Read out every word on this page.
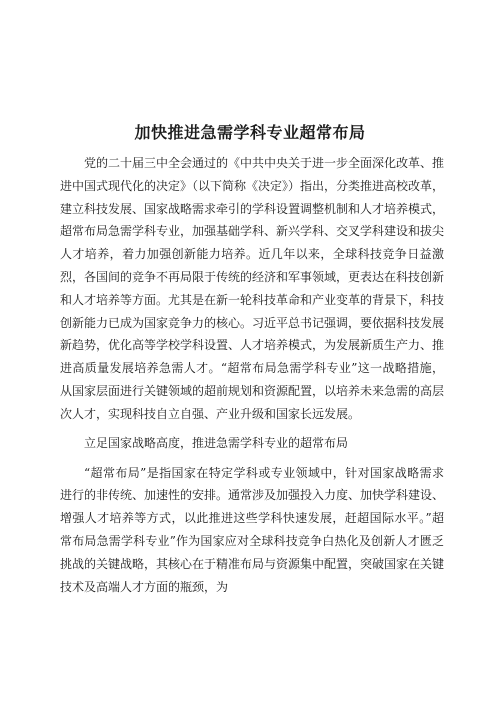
加快推进急需学科专业超常布局

党的二十届三中全会通过的《中共中央关于进一步全面深化改革、推进中国式现代化的决定》（以下简称《决定》）指出，分类推进高校改革，建立科技发展、国家战略需求牵引的学科设置调整机制和人才培养模式，超常布局急需学科专业，加强基础学科、新兴学科、交叉学科建设和拔尖人才培养，着力加强创新能力培养。近几年以来，全球科技竞争日益激烈，各国间的竞争不再局限于传统的经济和军事领域，更表达在科技创新和人才培养等方面。尤其是在新一轮科技革命和产业变革的背景下，科技创新能力已成为国家竞争力的核心。习近平总书记强调，要依据科技发展新趋势，优化高等学校学科设置、人才培养模式，为发展新质生产力、推进高质量发展培养急需人才。“超常布局急需学科专业”这一战略措施，从国家层面进行关键领域的超前规划和资源配置，以培养未来急需的高层次人才，实现科技自立自强、产业升级和国家长远发展。

立足国家战略高度，推进急需学科专业的超常布局

“超常布局”是指国家在特定学科或专业领域中，针对国家战略需求进行的非传统、加速性的安排。通常涉及加强投入力度、加快学科建设、增强人才培养等方式，以此推进这些学科快速发展，赶超国际水平。”超常布局急需学科专业”作为国家应对全球科技竞争白热化及创新人才匮乏挑战的关键战略，其核心在于精准布局与资源集中配置，突破国家在关键技术及高端人才方面的瓶颈，为
